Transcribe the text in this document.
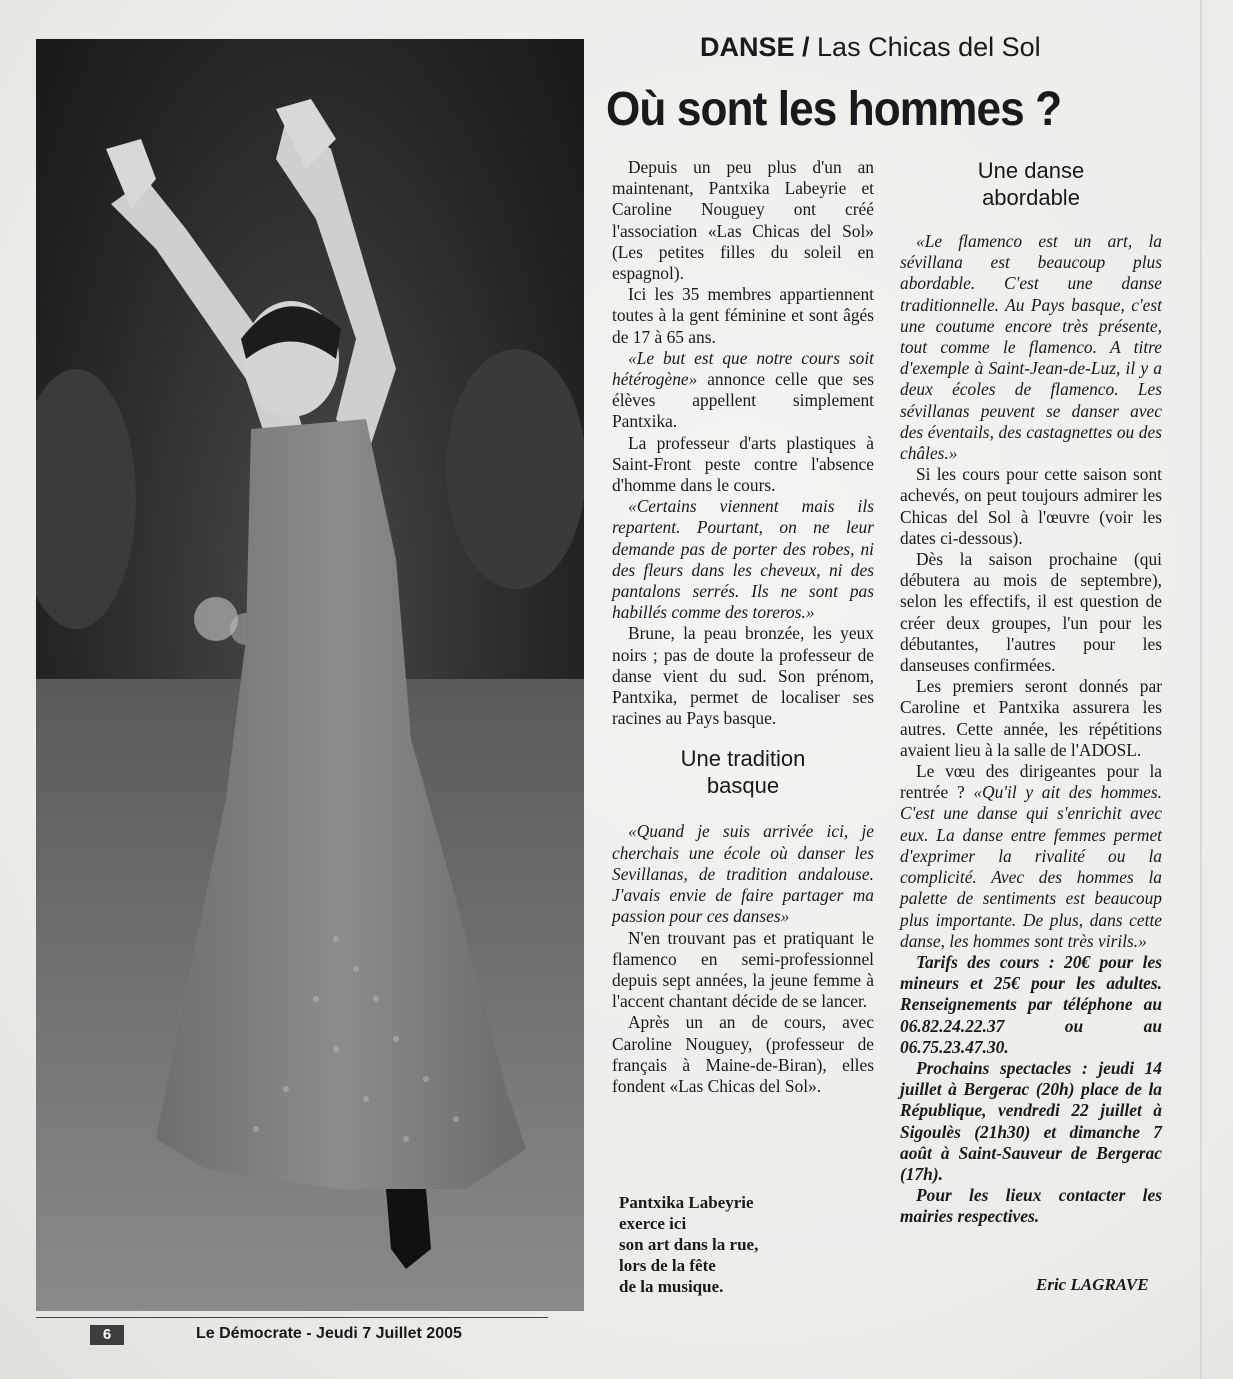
DANSE / Las Chicas del Sol
Où sont les hommes ?

Depuis un peu plus d'un an maintenant, Pantxika Labeyrie et Caroline Nouguey ont créé l'association «Las Chicas del Sol» (Les petites filles du soleil en espagnol).

Ici les 35 membres appartiennent toutes à la gent féminine et sont âgés de 17 à 65 ans.

«Le but est que notre cours soit hétérogène» annonce celle que ses élèves appellent simplement Pantxika.

La professeur d'arts plastiques à Saint-Front peste contre l'absence d'homme dans le cours.

«Certains viennent mais ils repartent. Pourtant, on ne leur demande pas de porter des robes, ni des fleurs dans les cheveux, ni des pantalons serrés. Ils ne sont pas habillés comme des toreros.»

Brune, la peau bronzée, les yeux noirs ; pas de doute la professeur de danse vient du sud. Son prénom, Pantxika, permet de localiser ses racines au Pays basque.

Une tradition

basque

«Quand je suis arrivée ici, je cherchais une école où danser les Sevillanas, de tradition andalouse. J'avais envie de faire partager ma passion pour ces danses»

N'en trouvant pas et pratiquant le flamenco en semi-professionnel depuis sept années, la jeune femme à l'accent chantant décide de se lancer.

Après un an de cours, avec Caroline Nouguey, (professeur de français à Maine-de-Biran), elles fondent «Las Chicas del Sol».

Une danse

abordable

«Le flamenco est un art, la sévillana est beaucoup plus abordable. C'est une danse traditionnelle. Au Pays basque, c'est une coutume encore très présente, tout comme le flamenco. A titre d'exemple à Saint-Jean-de-Luz, il y a deux écoles de flamenco. Les sévillanas peuvent se danser avec des éventails, des castagnettes ou des châles.»

Si les cours pour cette saison sont achevés, on peut toujours admirer les Chicas del Sol à l'œuvre (voir les dates ci-dessous).

Dès la saison prochaine (qui débutera au mois de septembre), selon les effectifs, il est question de créer deux groupes, l'un pour les débutantes, l'autres pour les danseuses confirmées.

Les premiers seront donnés par Caroline et Pantxika assurera les autres. Cette année, les répétitions avaient lieu à la salle de l'ADOSL.

Le vœu des dirigeantes pour la rentrée ? «Qu'il y ait des hommes. C'est une danse qui s'enrichit avec eux. La danse entre femmes permet d'exprimer la rivalité ou la complicité. Avec des hommes la palette de sentiments est beaucoup plus importante. De plus, dans cette danse, les hommes sont très virils.»

Tarifs des cours : 20€ pour les mineurs et 25€ pour les adultes. Renseignements par téléphone au 06.82.24.22.37 ou au 06.75.23.47.30.

Prochains spectacles : jeudi 14 juillet à Bergerac (20h) place de la République, vendredi 22 juillet à Sigoulès (21h30) et dimanche 7 août à Saint-Sauveur de Bergerac (17h).

Pour les lieux contacter les mairies respectives.

Pantxika Labeyrie
exerce ici
son art dans la rue,
lors de la fête
de la musique.	Eric LAGRAVE
6	Le Démocrate - Jeudi 7 Juillet 2005
